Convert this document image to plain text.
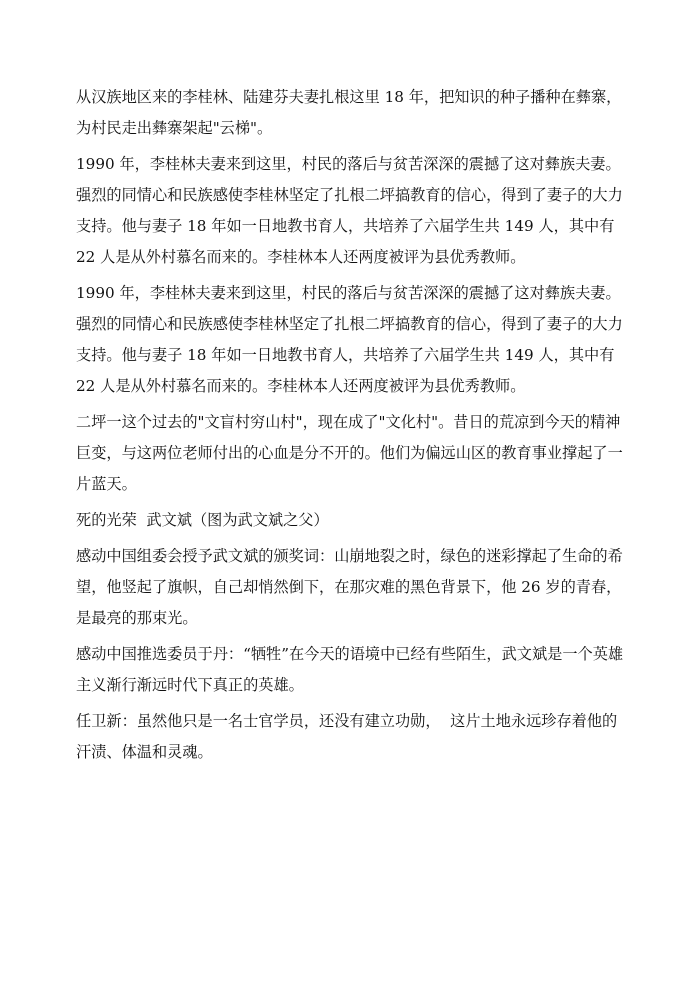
从汉族地区来的李桂林、陆建芬夫妻扎根这里 18 年，把知识的种子播种在彝寨，为村民走出彝寨架起"云梯"。

1990 年，李桂林夫妻来到这里，村民的落后与贫苦深深的震撼了这对彝族夫妻。强烈的同情心和民族感使李桂林坚定了扎根二坪搞教育的信心，得到了妻子的大力支持。他与妻子 18 年如一日地教书育人，共培养了六届学生共 149 人，其中有 22 人是从外村慕名而来的。李桂林本人还两度被评为县优秀教师。

1990 年，李桂林夫妻来到这里，村民的落后与贫苦深深的震撼了这对彝族夫妻。强烈的同情心和民族感使李桂林坚定了扎根二坪搞教育的信心，得到了妻子的大力支持。他与妻子 18 年如一日地教书育人，共培养了六届学生共 149 人，其中有 22 人是从外村慕名而来的。李桂林本人还两度被评为县优秀教师。

二坪一这个过去的"文盲村穷山村"，现在成了"文化村"。昔日的荒凉到今天的精神巨变，与这两位老师付出的心血是分不开的。他们为偏远山区的教育事业撑起了一片蓝天。

死的光荣  武文斌（图为武文斌之父）

感动中国组委会授予武文斌的颁奖词：山崩地裂之时，绿色的迷彩撑起了生命的希望，他竖起了旗帜，自己却悄然倒下，在那灾难的黑色背景下，他 26 岁的青春，是最亮的那束光。

感动中国推选委员于丹：“牺牲”在今天的语境中已经有些陌生，武文斌是一个英雄主义渐行渐远时代下真正的英雄。

任卫新：虽然他只是一名士官学员，还没有建立功勋，  这片土地永远珍存着他的汗渍、体温和灵魂。
